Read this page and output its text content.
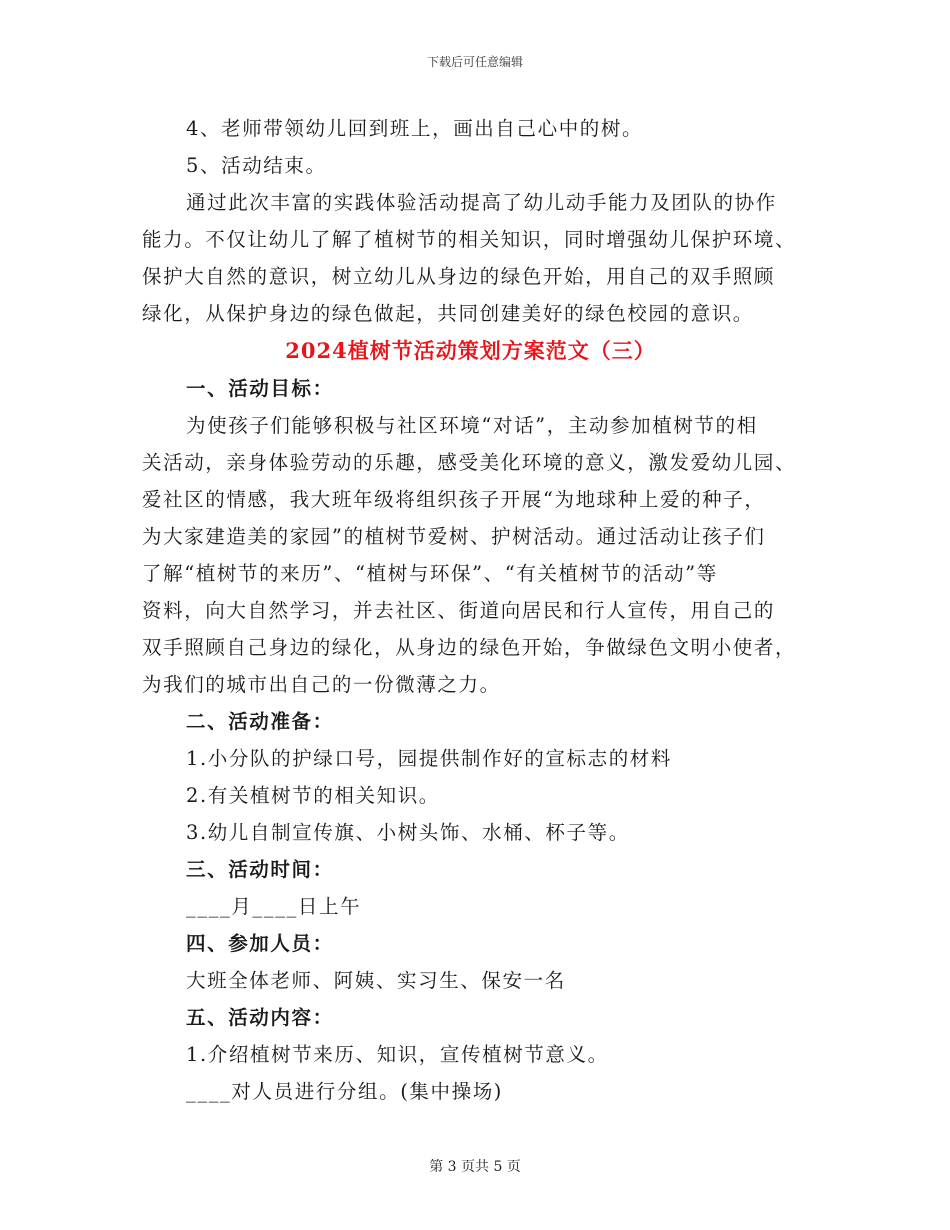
下载后可任意编辑
4、老师带领幼儿回到班上，画出自己心中的树。
5、活动结束。
通过此次丰富的实践体验活动提高了幼儿动手能力及团队的协作
能力。不仅让幼儿了解了植树节的相关知识，同时增强幼儿保护环境、
保护大自然的意识，树立幼儿从身边的绿色开始，用自己的双手照顾
绿化，从保护身边的绿色做起，共同创建美好的绿色校园的意识。
2024植树节活动策划方案范文（三）
一、活动目标：
为使孩子们能够积极与社区环境“对话”，主动参加植树节的相
关活动，亲身体验劳动的乐趣，感受美化环境的意义，激发爱幼儿园、
爱社区的情感，我大班年级将组织孩子开展“为地球种上爱的种子，
为大家建造美的家园”的植树节爱树、护树活动。通过活动让孩子们
了解“植树节的来历”、“植树与环保”、“有关植树节的活动”等
资料，向大自然学习，并去社区、街道向居民和行人宣传，用自己的
双手照顾自己身边的绿化，从身边的绿色开始，争做绿色文明小使者，
为我们的城市出自己的一份微薄之力。
二、活动准备：
1.小分队的护绿口号，园提供制作好的宣标志的材料
2.有关植树节的相关知识。
3.幼儿自制宣传旗、小树头饰、水桶、杯子等。
三、活动时间：
____月____日上午
四、参加人员：
大班全体老师、阿姨、实习生、保安一名
五、活动内容：
1.介绍植树节来历、知识，宣传植树节意义。
____对人员进行分组。(集中操场)
第 3 页共 5 页
